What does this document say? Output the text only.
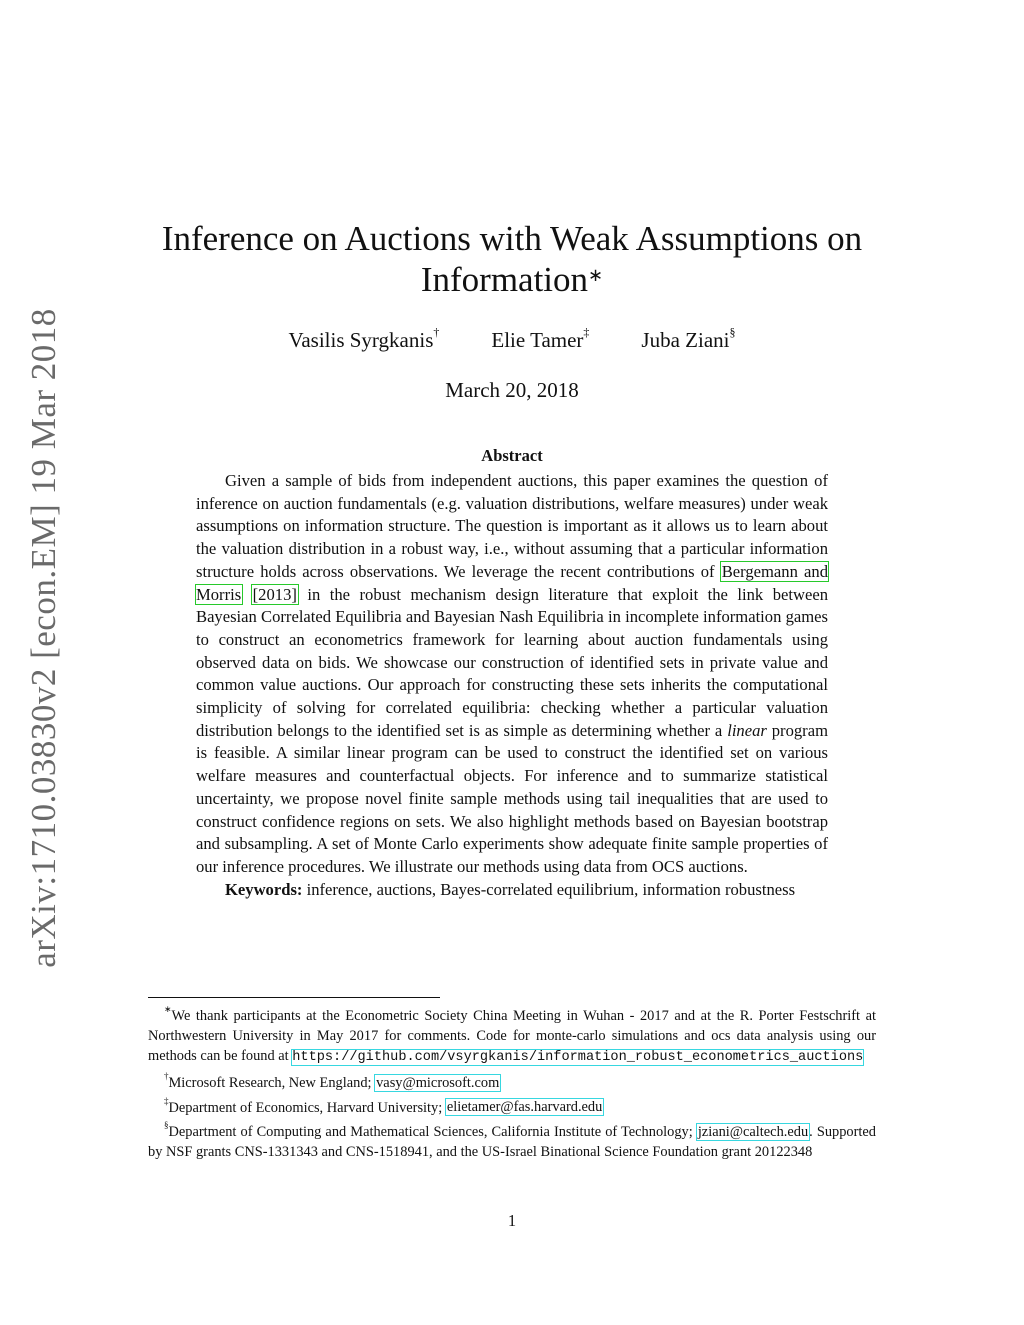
arXiv:1710.03830v2 [econ.EM] 19 Mar 2018
Inference on Auctions with Weak Assumptions on
Information∗
Vasilis Syrgkanis† Elie Tamer‡ Juba Ziani§
March 20, 2018
Abstract

Given a sample of bids from independent auctions, this paper examines the question of inference on auction fundamentals (e.g. valuation distributions, welfare measures) under weak assumptions on information structure. The question is important as it allows us to learn about the valuation distribution in a robust way, i.e., without assuming that a particular information structure holds across observations. We leverage the recent contributions of Bergemann and Morris [2013] in the robust mechanism design literature that exploit the link between Bayesian Correlated Equilibria and Bayesian Nash Equilibria in incomplete information games to construct an econometrics framework for learning about auction fundamentals using observed data on bids. We showcase our construction of identified sets in private value and common value auctions. Our approach for constructing these sets inherits the computational simplicity of solving for correlated equilibria: checking whether a particular valuation distribution belongs to the identified set is as simple as determining whether a linear program is feasible. A similar linear program can be used to construct the identified set on various welfare measures and counterfactual objects. For inference and to summarize statistical uncertainty, we propose novel finite sample methods using tail inequalities that are used to construct confidence regions on sets. We also highlight methods based on Bayesian bootstrap and subsampling. A set of Monte Carlo experiments show adequate finite sample properties of our inference procedures. We illustrate our methods using data from OCS auctions.

Keywords: inference, auctions, Bayes-correlated equilibrium, information robustness

∗We thank participants at the Econometric Society China Meeting in Wuhan - 2017 and at the R. Porter Festschrift at Northwestern University in May 2017 for comments. Code for monte-carlo simulations and ocs data analysis using our methods can be found at https://github.com/vsyrgkanis/information_robust_econometrics_auctions

†Microsoft Research, New England; vasy@microsoft.com

‡Department of Economics, Harvard University; elietamer@fas.harvard.edu

§Department of Computing and Mathematical Sciences, California Institute of Technology; jziani@caltech.edu. Supported by NSF grants CNS-1331343 and CNS-1518941, and the US-Israel Binational Science Foundation grant 20122348

1
